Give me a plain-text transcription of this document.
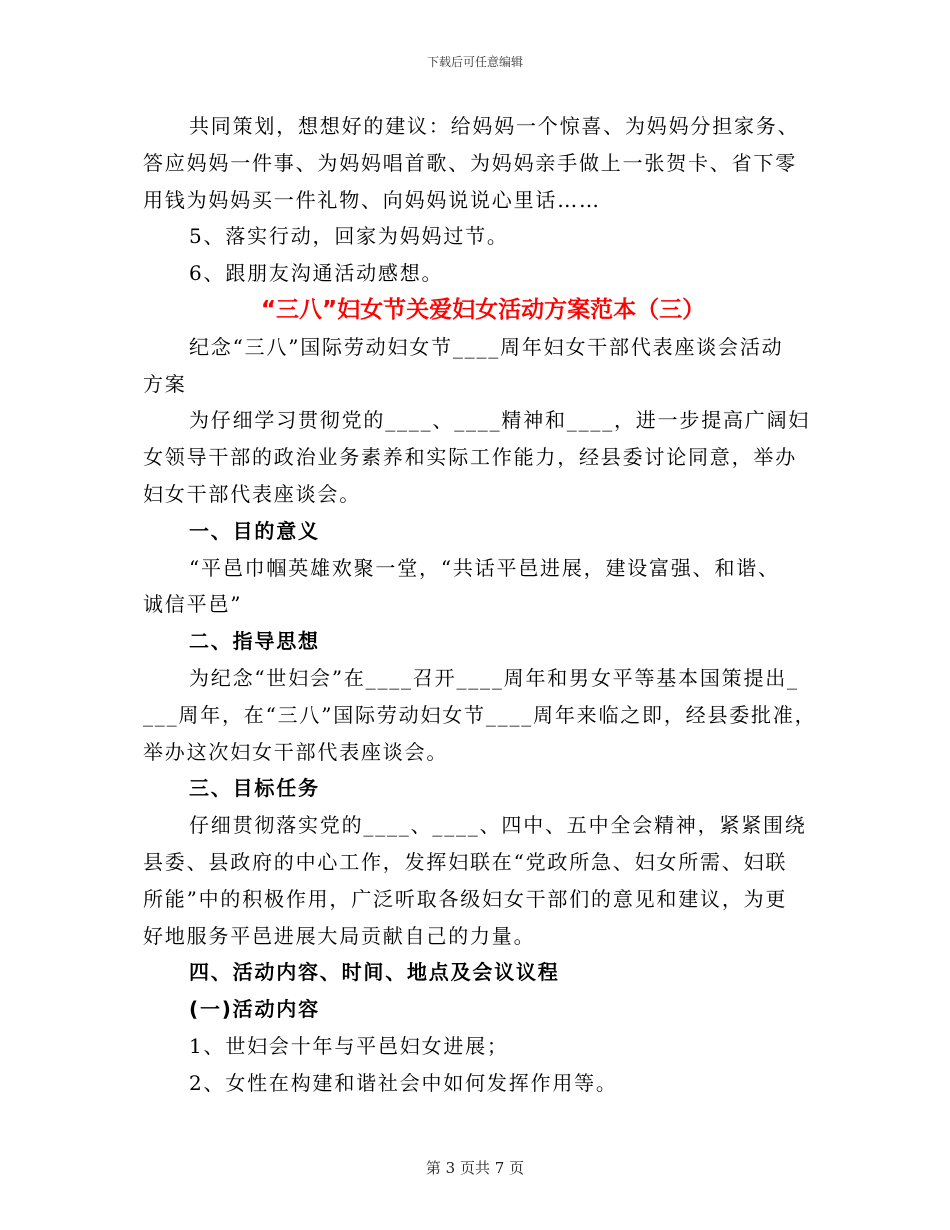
下载后可任意编辑

共同策划，想想好的建议：给妈妈一个惊喜、为妈妈分担家务、

答应妈妈一件事、为妈妈唱首歌、为妈妈亲手做上一张贺卡、省下零

用钱为妈妈买一件礼物、向妈妈说说心里话……

5、落实行动，回家为妈妈过节。

6、跟朋友沟通活动感想。

“三八”妇女节关爱妇女活动方案范本（三）

纪念“三八”国际劳动妇女节____周年妇女干部代表座谈会活动

方案

为仔细学习贯彻党的____、____精神和____，进一步提高广阔妇

女领导干部的政治业务素养和实际工作能力，经县委讨论同意，举办

妇女干部代表座谈会。

一、目的意义

“平邑巾帼英雄欢聚一堂，“共话平邑进展，建设富强、和谐、

诚信平邑”

二、指导思想

为纪念“世妇会”在____召开____周年和男女平等基本国策提出_

___周年，在“三八”国际劳动妇女节____周年来临之即，经县委批准，

举办这次妇女干部代表座谈会。

三、目标任务

仔细贯彻落实党的____、____、四中、五中全会精神，紧紧围绕

县委、县政府的中心工作，发挥妇联在“党政所急、妇女所需、妇联

所能”中的积极作用，广泛听取各级妇女干部们的意见和建议，为更

好地服务平邑进展大局贡献自己的力量。

四、活动内容、时间、地点及会议议程

(一)活动内容

1、世妇会十年与平邑妇女进展；

2、女性在构建和谐社会中如何发挥作用等。

第 3 页共 7 页
